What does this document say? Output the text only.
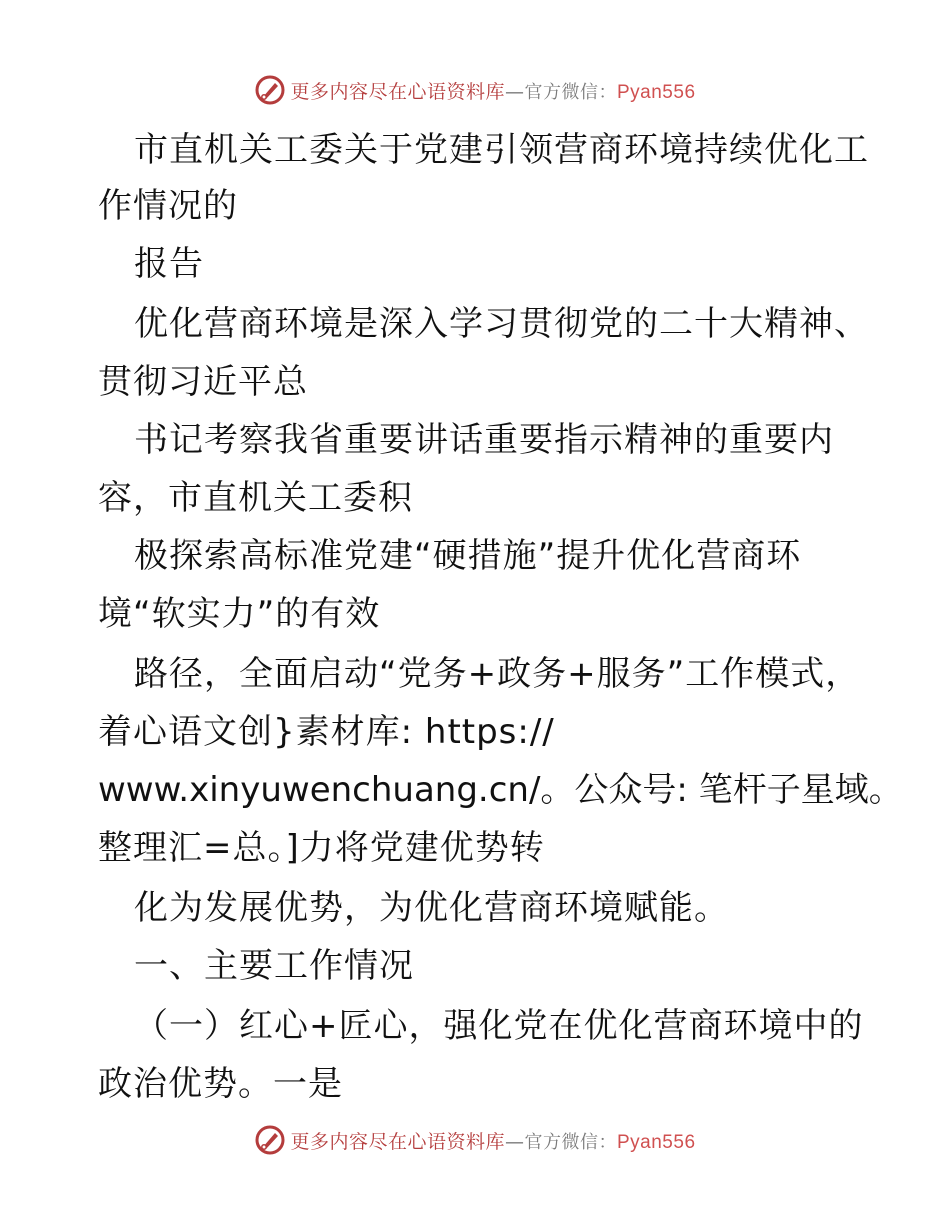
更多内容尽在心语资料库—官方微信：Pyan556
市直机关工委关于党建引领营商环境持续优化工
作情况的
报告
优化营商环境是深入学习贯彻党的二十大精神、
贯彻习近平总
书记考察我省重要讲话重要指示精神的重要内
容，市直机关工委积
极探索高标准党建“硬措施”提升优化营商环
境“软实力”的有效
路径，全面启动“党务+政务+服务”工作模式，
着心语文创}素材库: https://
www.xinyuwenchuang.cn/。公众号: 笔杆子星域。
整理汇=总。]力将党建优势转
化为发展优势，为优化营商环境赋能。
一、主要工作情况
（一）红心+匠心，强化党在优化营商环境中的
政治优势。一是
更多内容尽在心语资料库—官方微信：Pyan556
